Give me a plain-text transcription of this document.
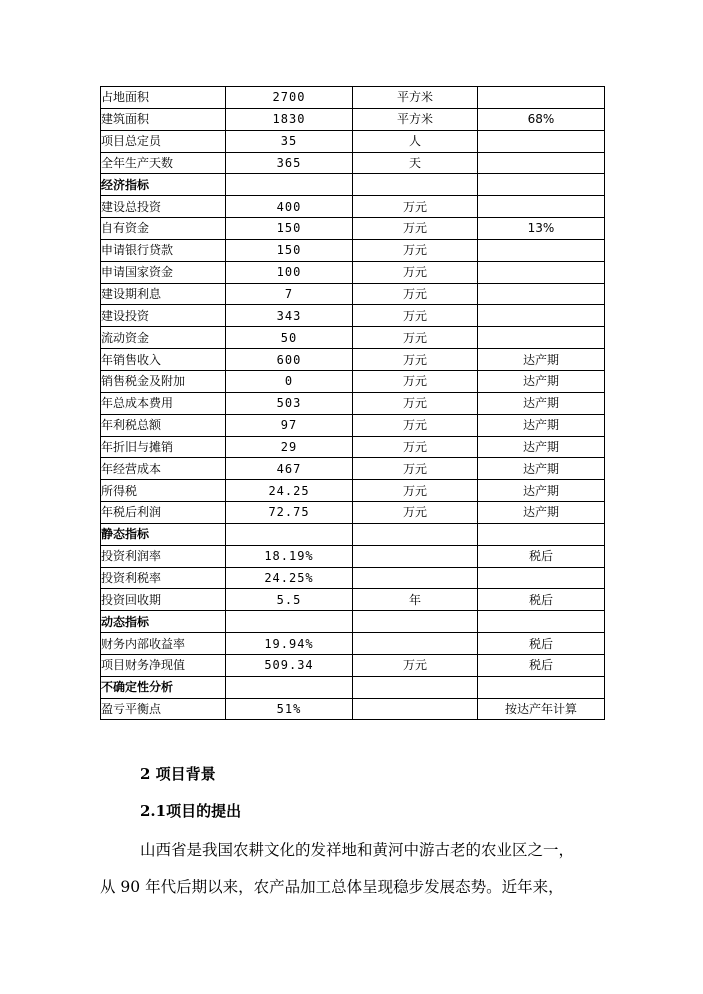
占地面积	2700	平方米	
建筑面积	1830	平方米	68%
项目总定员	35	人	
全年生产天数	365	天	
经济指标			
建设总投资	400	万元	
自有资金	150	万元	13%
申请银行贷款	150	万元	
申请国家资金	100	万元	
建设期利息	7	万元	
建设投资	343	万元	
流动资金	50	万元	
年销售收入	600	万元	达产期
销售税金及附加	0	万元	达产期
年总成本费用	503	万元	达产期
年利税总额	97	万元	达产期
年折旧与摊销	29	万元	达产期
年经营成本	467	万元	达产期
所得税	24.25	万元	达产期
年税后利润	72.75	万元	达产期
静态指标			
投资利润率	18.19%		税后
投资利税率	24.25%		
投资回收期	5.5	年	税后
动态指标			
财务内部收益率	19.94%		税后
项目财务净现值	509.34	万元	税后
不确定性分析			
盈亏平衡点	51%		按达产年计算
2 项目背景
2.1项目的提出
山西省是我国农耕文化的发祥地和黄河中游古老的农业区之一，
从 90 年代后期以来，农产品加工总体呈现稳步发展态势。近年来，
